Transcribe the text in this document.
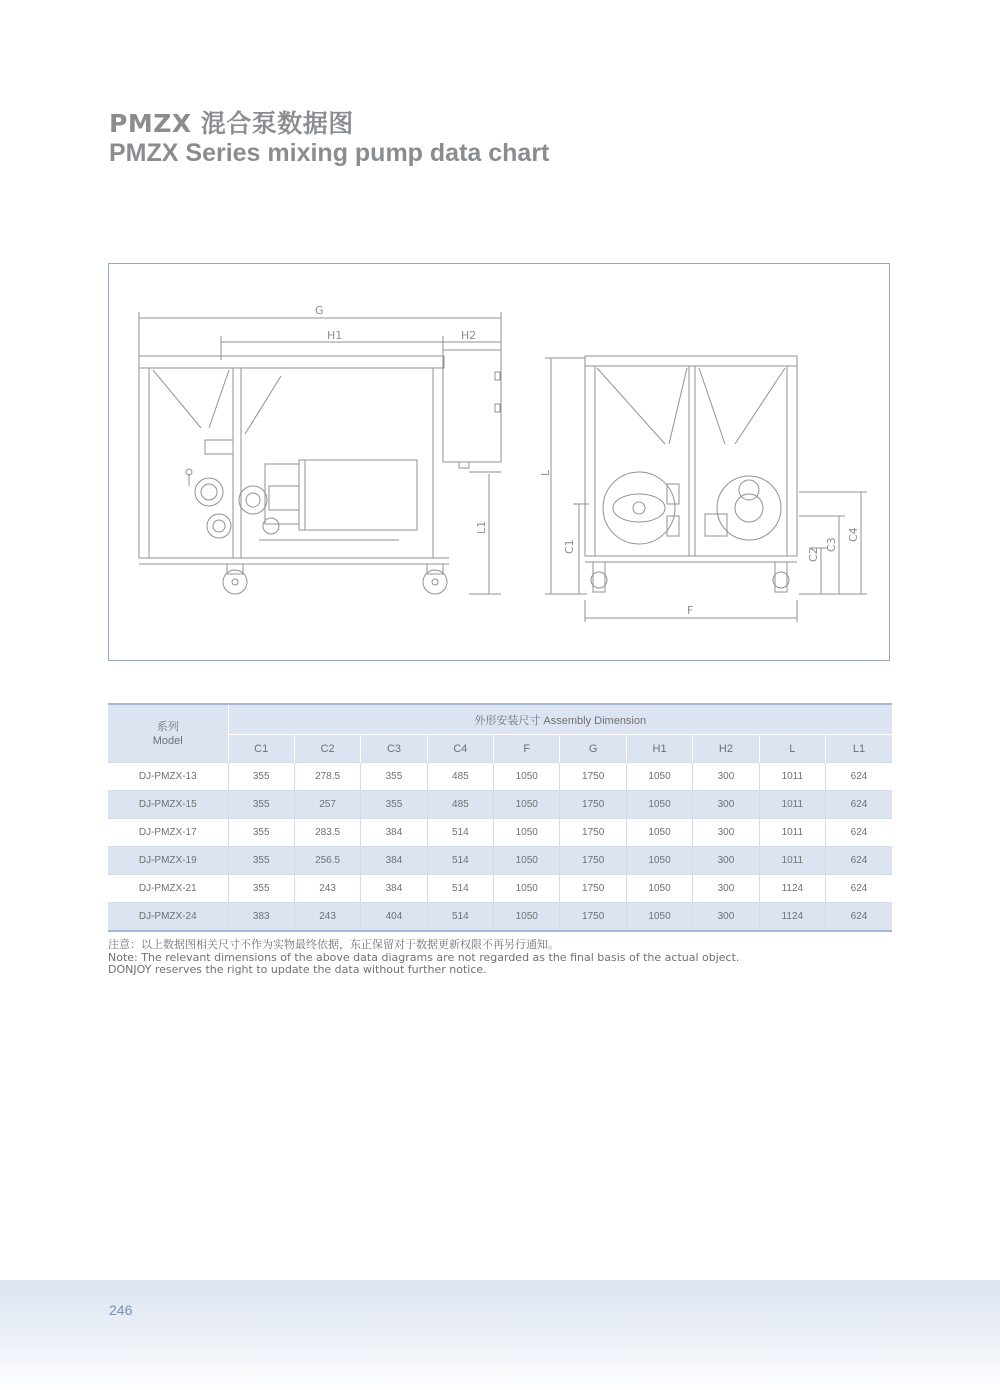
PMZX 混合泵数据图
PMZX Series mixing pump data chart
G
H1	H2
L1
L
C1
C2
C3
C4
F
系列
Model	外形安装尺寸 Assembly Dimension									
	C1	C2	C3	C4	F	G	H1	H2	L	L1
DJ-PMZX-13	355	278.5	355	485	1050	1750	1050	300	1011	624
DJ-PMZX-15	355	257	355	485	1050	1750	1050	300	1011	624
DJ-PMZX-17	355	283.5	384	514	1050	1750	1050	300	1011	624
DJ-PMZX-19	355	256.5	384	514	1050	1750	1050	300	1011	624
DJ-PMZX-21	355	243	384	514	1050	1750	1050	300	1124	624
DJ-PMZX-24	383	243	404	514	1050	1750	1050	300	1124	624
注意：以上数据图相关尺寸不作为实物最终依据，东正保留对于数据更新权限不再另行通知。
Note: The relevant dimensions of the above data diagrams are not regarded as the final basis of the actual object.
DONJOY reserves the right to update the data without further notice.
246
